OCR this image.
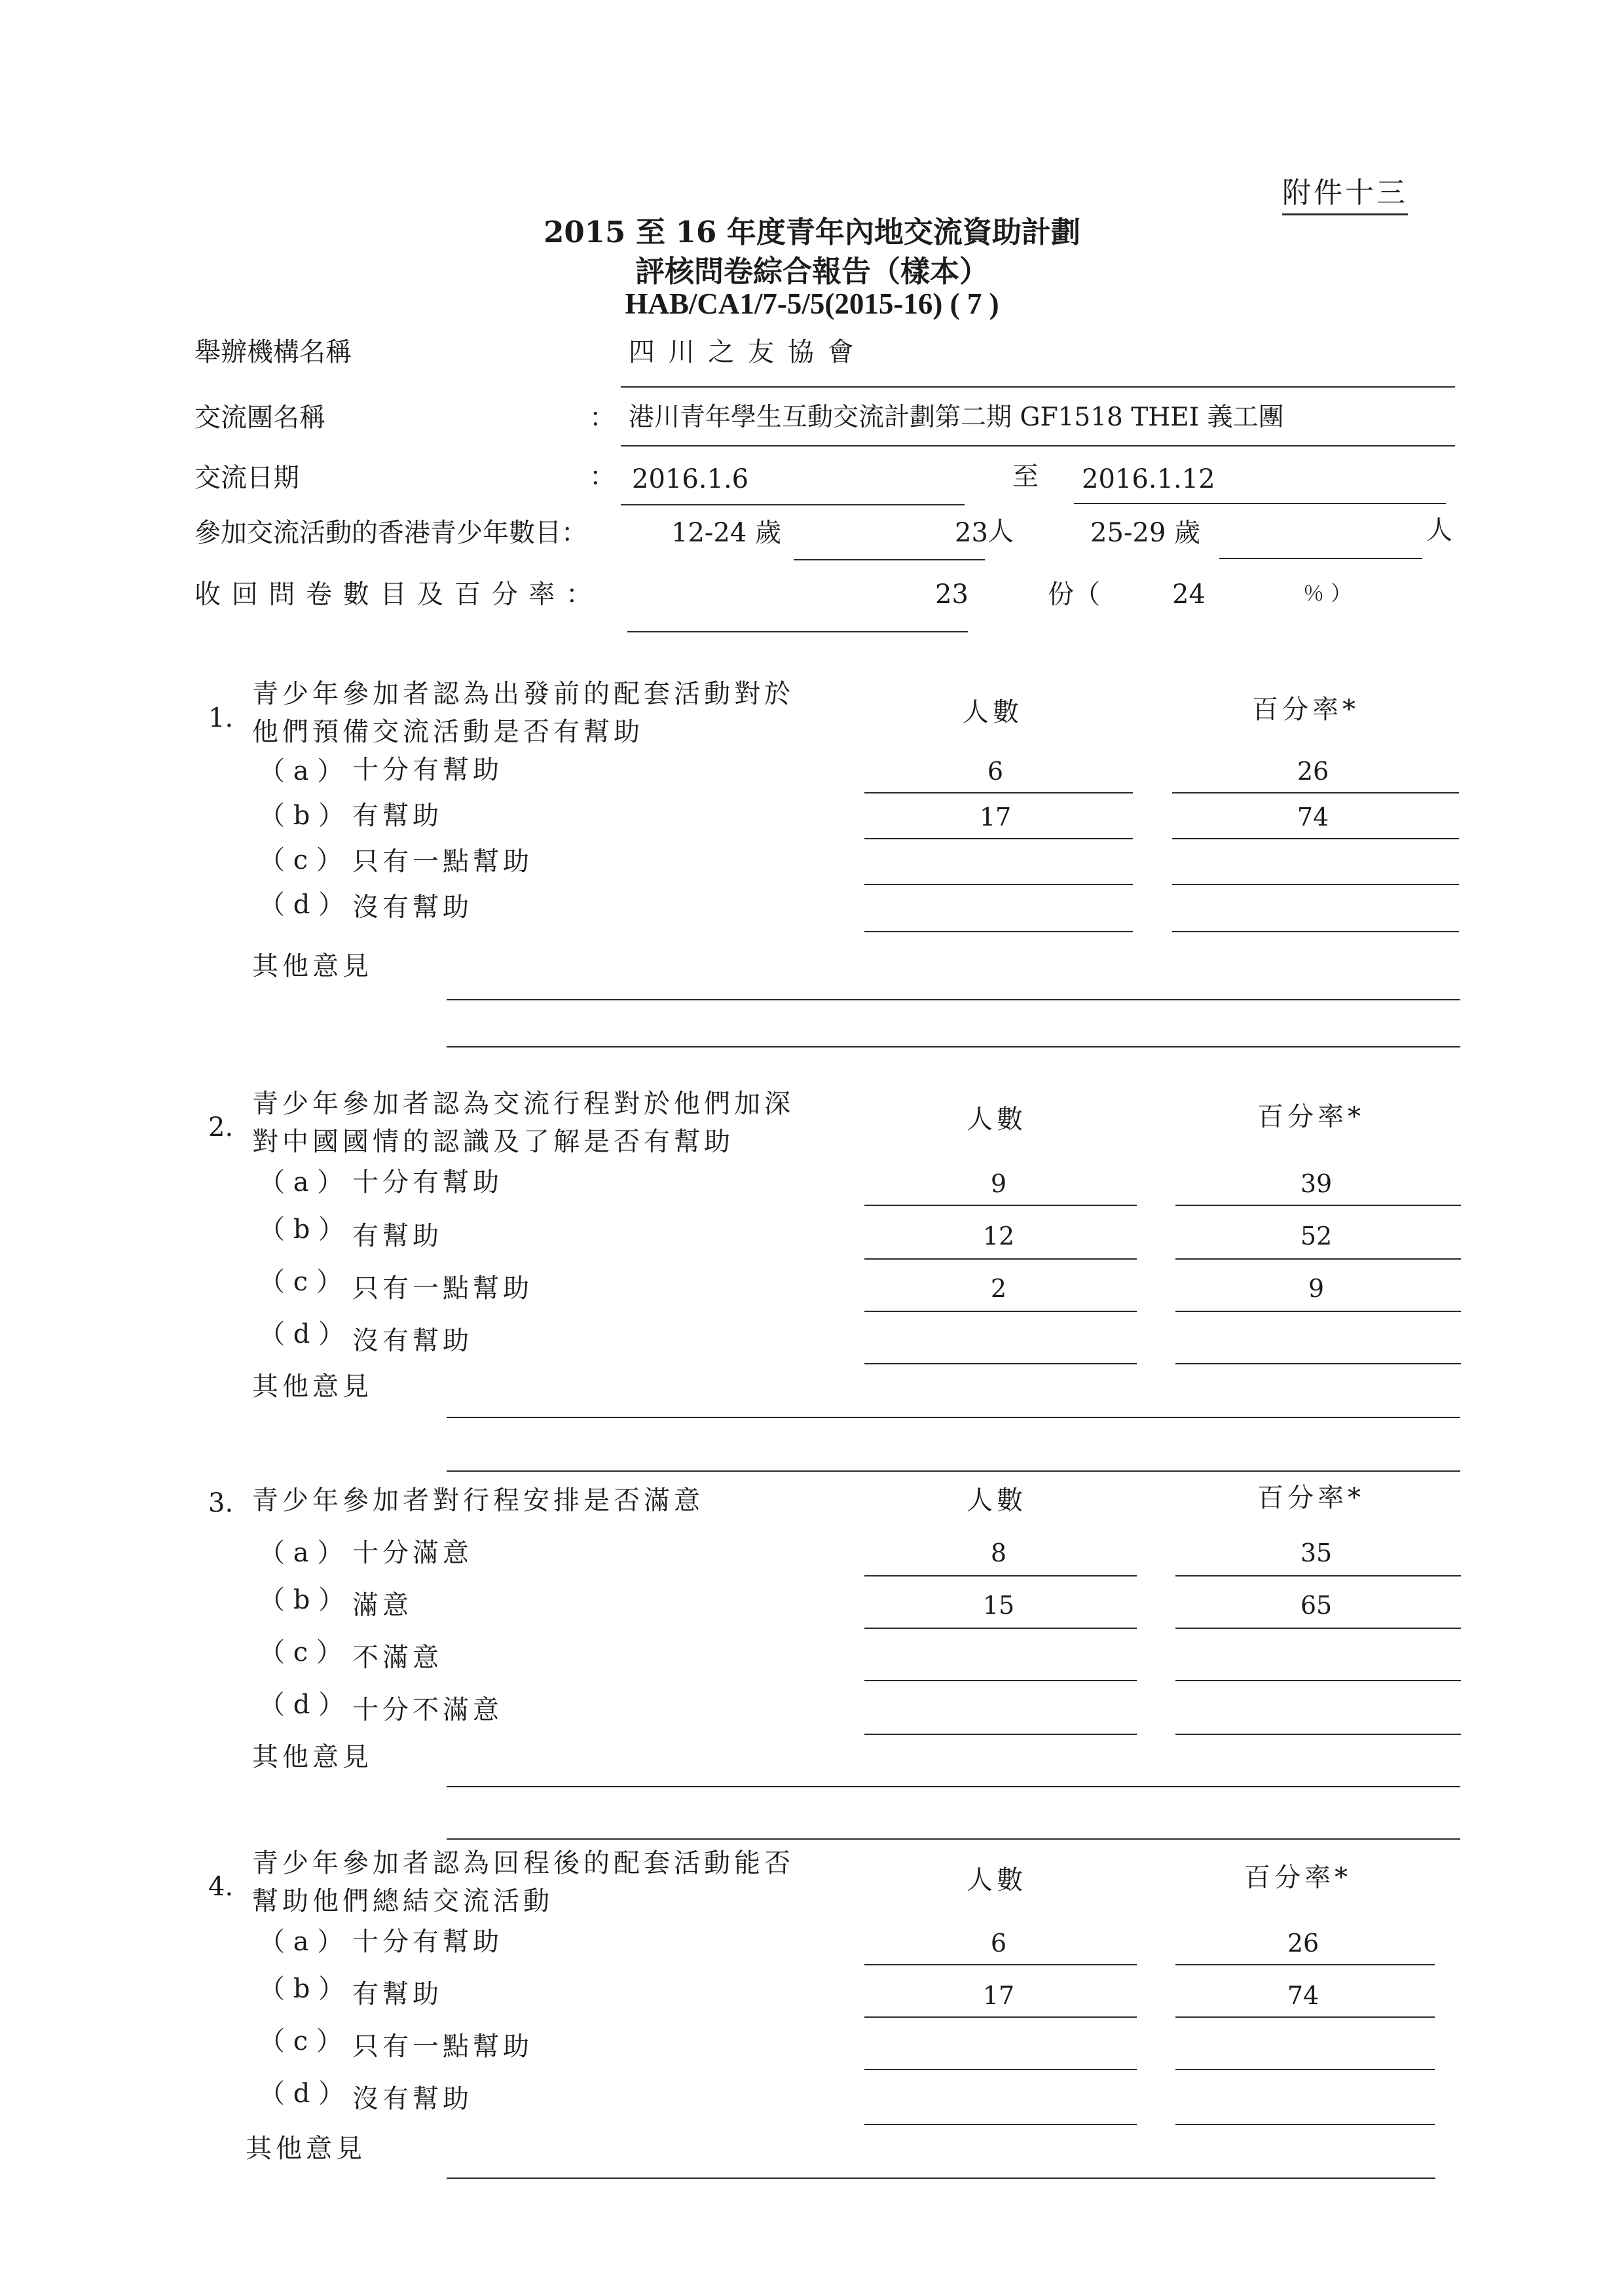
附件十三
2015 至 16 年度青年內地交流資助計劃
評核問卷綜合報告（樣本）
HAB/CA1/7-5/5(2015-16) ( 7 )
舉辦機構名稱	四 川 之 友 協 會
交流團名稱	： 港川青年學生互動交流計劃第二期 GF1518 THEI 義工團
交流日期	： 2016.1.6	至 2016.1.12
參加交流活動的香港青少年數目：	12-24 歲	23 人	25-29 歲	人
收 回 問 卷 數 目 及 百 分 率 ：	23	份（	24	％ ）
1.
青少年參加者認為出發前的配套活動對於
他們預備交流活動是否有幫助
人數	百分率*
（ a ） 十分有幫助	6	26
（ b ） 有幫助	17	74
（ c ） 只有一點幫助
（ d ） 沒有幫助
其他意見
2.
青少年參加者認為交流行程對於他們加深
對中國國情的認識及了解是否有幫助
人數	百分率*
（ a ） 十分有幫助	9	39
（ b ） 有幫助	12	52
（ c ） 只有一點幫助	2	9
（ d ） 沒有幫助
其他意見
3. 青少年參加者對行程安排是否滿意	人數	百分率*
（ a ） 十分滿意	8	35
（ b ） 滿意	15	65
（ c ） 不滿意
（ d ） 十分不滿意
其他意見
4.
青少年參加者認為回程後的配套活動能否
幫助他們總結交流活動
人數	百分率*
（ a ） 十分有幫助	6	26
（ b ） 有幫助	17	74
（ c ） 只有一點幫助
（ d ） 沒有幫助
其他意見
